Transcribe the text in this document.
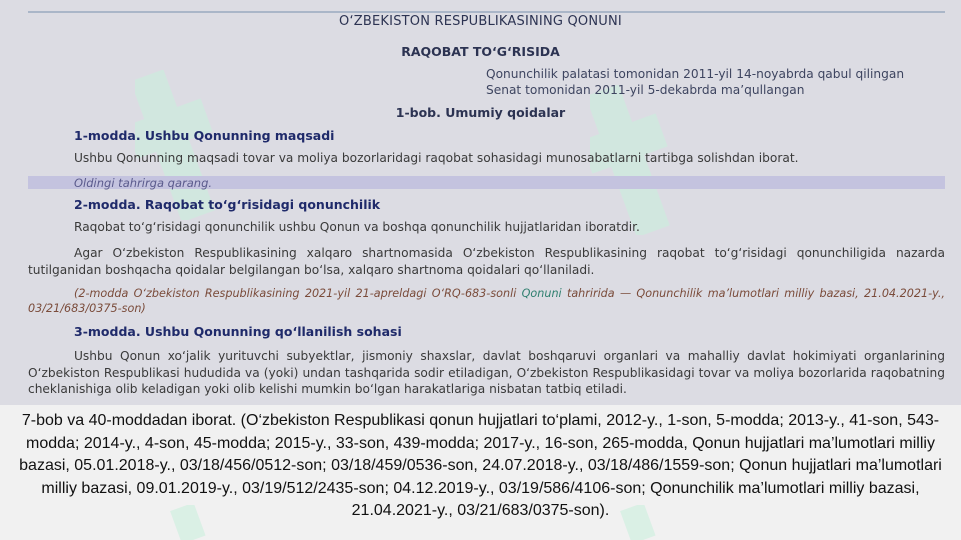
O‘ZBEKISTON RESPUBLIKASINING QONUNI
RAQOBAT TO‘G‘RISIDA
Qonunchilik palatasi tomonidan 2011-yil 14-noyabrda qabul qilingan
Senat tomonidan 2011-yil 5-dekabrda ma’qullangan
1-bob. Umumiy qoidalar
1-modda. Ushbu Qonunning maqsadi
Ushbu Qonunning maqsadi tovar va moliya bozorlaridagi raqobat sohasidagi munosabatlarni tartibga solishdan iborat.
Oldingi tahrirga qarang.
2-modda. Raqobat to‘g‘risidagi qonunchilik
Raqobat to‘g‘risidagi qonunchilik ushbu Qonun va boshqa qonunchilik hujjatlaridan iboratdir.
Agar O‘zbekiston Respublikasining xalqaro shartnomasida O‘zbekiston Respublikasining raqobat to‘g‘risidagi qonunchiligida nazarda tutilganidan boshqacha qoidalar belgilangan bo‘lsa, xalqaro shartnoma qoidalari qo‘llaniladi.
(2-modda O‘zbekiston Respublikasining 2021-yil 21-apreldagi O‘RQ-683-sonli Qonuni tahririda — Qonunchilik ma’lumotlari milliy bazasi, 21.04.2021-y., 03/21/683/0375-son)
3-modda. Ushbu Qonunning qo‘llanilish sohasi
Ushbu Qonun xo‘jalik yurituvchi subyektlar, jismoniy shaxslar, davlat boshqaruvi organlari va mahalliy davlat hokimiyati organlarining O‘zbekiston Respublikasi hududida va (yoki) undan tashqarida sodir etiladigan, O‘zbekiston Respublikasidagi tovar va moliya bozorlarida raqobatning cheklanishiga olib keladigan yoki olib kelishi mumkin bo‘lgan harakatlariga nisbatan tatbiq etiladi.
7-bob va 40-moddadan iborat. (O‘zbekiston Respublikasi qonun hujjatlari to‘plami, 2012-y., 1-son, 5-modda; 2013-y., 41-son, 543-modda; 2014-y., 4-son, 45-modda; 2015-y., 33-son, 439-modda; 2017-y., 16-son, 265-modda, Qonun hujjatlari ma’lumotlari milliy bazasi, 05.01.2018-y., 03/18/456/0512-son; 03/18/459/0536-son, 24.07.2018-y., 03/18/486/1559-son; Qonun hujjatlari ma’lumotlari milliy bazasi, 09.01.2019-y., 03/19/512/2435-son; 04.12.2019-y., 03/19/586/4106-son; Qonunchilik ma’lumotlari milliy bazasi, 21.04.2021-y., 03/21/683/0375-son).
